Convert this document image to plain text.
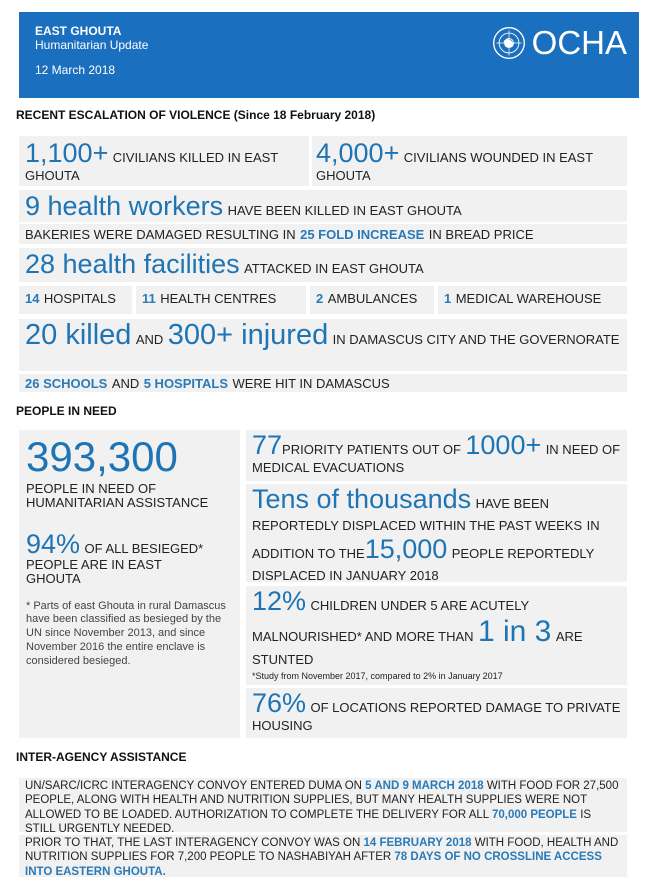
EAST GHOUTA
Humanitarian Update
12 March 2018
OCHA
RECENT ESCALATION OF VIOLENCE (Since 18 February 2018)
1,100+ CIVILIANS KILLED IN EAST GHOUTA
4,000+ CIVILIANS WOUNDED IN EAST GHOUTA
9 health workers HAVE BEEN KILLED IN EAST GHOUTA
BAKERIES WERE DAMAGED RESULTING IN 25 FOLD INCREASE IN BREAD PRICE
28 health facilities ATTACKED IN EAST GHOUTA
14 HOSPITALS	11 HEALTH CENTRES	2 AMBULANCES	1 MEDICAL WAREHOUSE
20 killed AND 300+ injured IN DAMASCUS CITY AND THE GOVERNORATE
26 SCHOOLS AND 5 HOSPITALS WERE HIT IN DAMASCUS
PEOPLE IN NEED
393,300
PEOPLE IN NEED OF HUMANITARIAN ASSISTANCE
94% OF ALL BESIEGED*
PEOPLE ARE IN EAST GHOUTA
* Parts of east Ghouta in rural Damascus have been classified as besieged by the UN since November 2013, and since November 2016 the entire enclave is considered besieged.
77PRIORITY PATIENTS OUT OF 1000+ IN NEED OF MEDICAL EVACUATIONS
Tens of thousands HAVE BEEN REPORTEDLY DISPLACED WITHIN THE PAST WEEKS IN ADDITION TO THE15,000 PEOPLE REPORTEDLY DISPLACED IN JANUARY 2018
12% CHILDREN UNDER 5 ARE ACUTELY MALNOURISHED* AND MORE THAN 1 in 3 ARE STUNTED
*Study from November 2017, compared to 2% in January 2017
76% OF LOCATIONS REPORTED DAMAGE TO PRIVATE HOUSING
INTER-AGENCY ASSISTANCE
UN/SARC/ICRC INTERAGENCY CONVOY ENTERED DUMA ON 5 AND 9 MARCH 2018 WITH FOOD FOR 27,500 PEOPLE, ALONG WITH HEALTH AND NUTRITION SUPPLIES, BUT MANY HEALTH SUPPLIES WERE NOT ALLOWED TO BE LOADED. AUTHORIZATION TO COMPLETE THE DELIVERY FOR ALL 70,000 PEOPLE IS STILL URGENTLY NEEDED.
PRIOR TO THAT, THE LAST INTERAGENCY CONVOY WAS ON 14 FEBRUARY 2018 WITH FOOD, HEALTH AND NUTRITION SUPPLIES FOR 7,200 PEOPLE TO NASHABIYAH AFTER 78 DAYS OF NO CROSSLINE ACCESS INTO EASTERN GHOUTA.
